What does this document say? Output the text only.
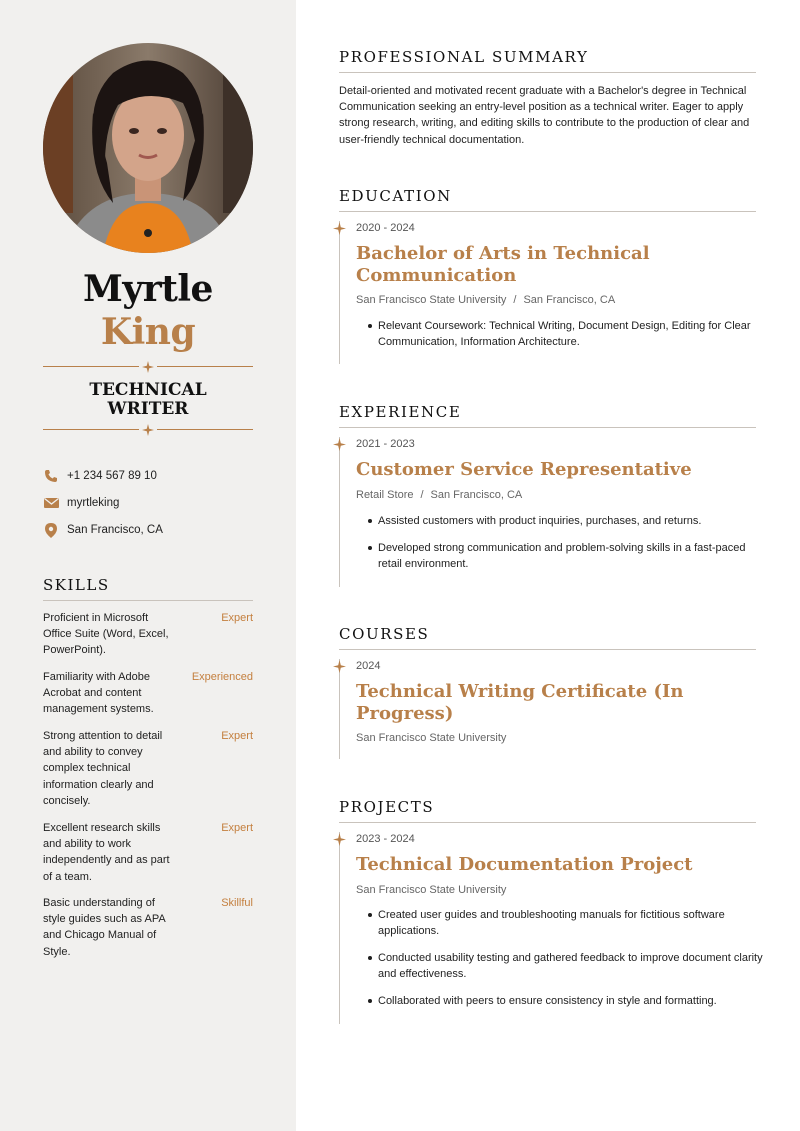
Myrtle
King
TECHNICAL
WRITER
+1 234 567 89 10
myrtleking
San Francisco, CA
SKILLS
Proficient in Microsoft Office Suite (Word, Excel, PowerPoint).
Expert
Familiarity with Adobe Acrobat and content management systems.
Experienced
Strong attention to detail and ability to convey complex technical information clearly and concisely.
Expert
Excellent research skills and ability to work independently and as part of a team.
Expert
Basic understanding of style guides such as APA and Chicago Manual of Style.
Skillful
PROFESSIONAL SUMMARY
Detail-oriented and motivated recent graduate with a Bachelor's degree in Technical Communication seeking an entry-level position as a technical writer. Eager to apply strong research, writing, and editing skills to contribute to the production of clear and user-friendly technical documentation.
EDUCATION
2020 - 2024
Bachelor of Arts in Technical Communication
San Francisco State University / San Francisco, CA
Relevant Coursework: Technical Writing, Document Design, Editing for Clear Communication, Information Architecture.
EXPERIENCE
2021 - 2023
Customer Service Representative
Retail Store / San Francisco, CA
Assisted customers with product inquiries, purchases, and returns.
Developed strong communication and problem-solving skills in a fast-paced retail environment.
COURSES
2024
Technical Writing Certificate (In Progress)
San Francisco State University
PROJECTS
2023 - 2024
Technical Documentation Project
San Francisco State University
Created user guides and troubleshooting manuals for fictitious software applications.
Conducted usability testing and gathered feedback to improve document clarity and effectiveness.
Collaborated with peers to ensure consistency in style and formatting.
